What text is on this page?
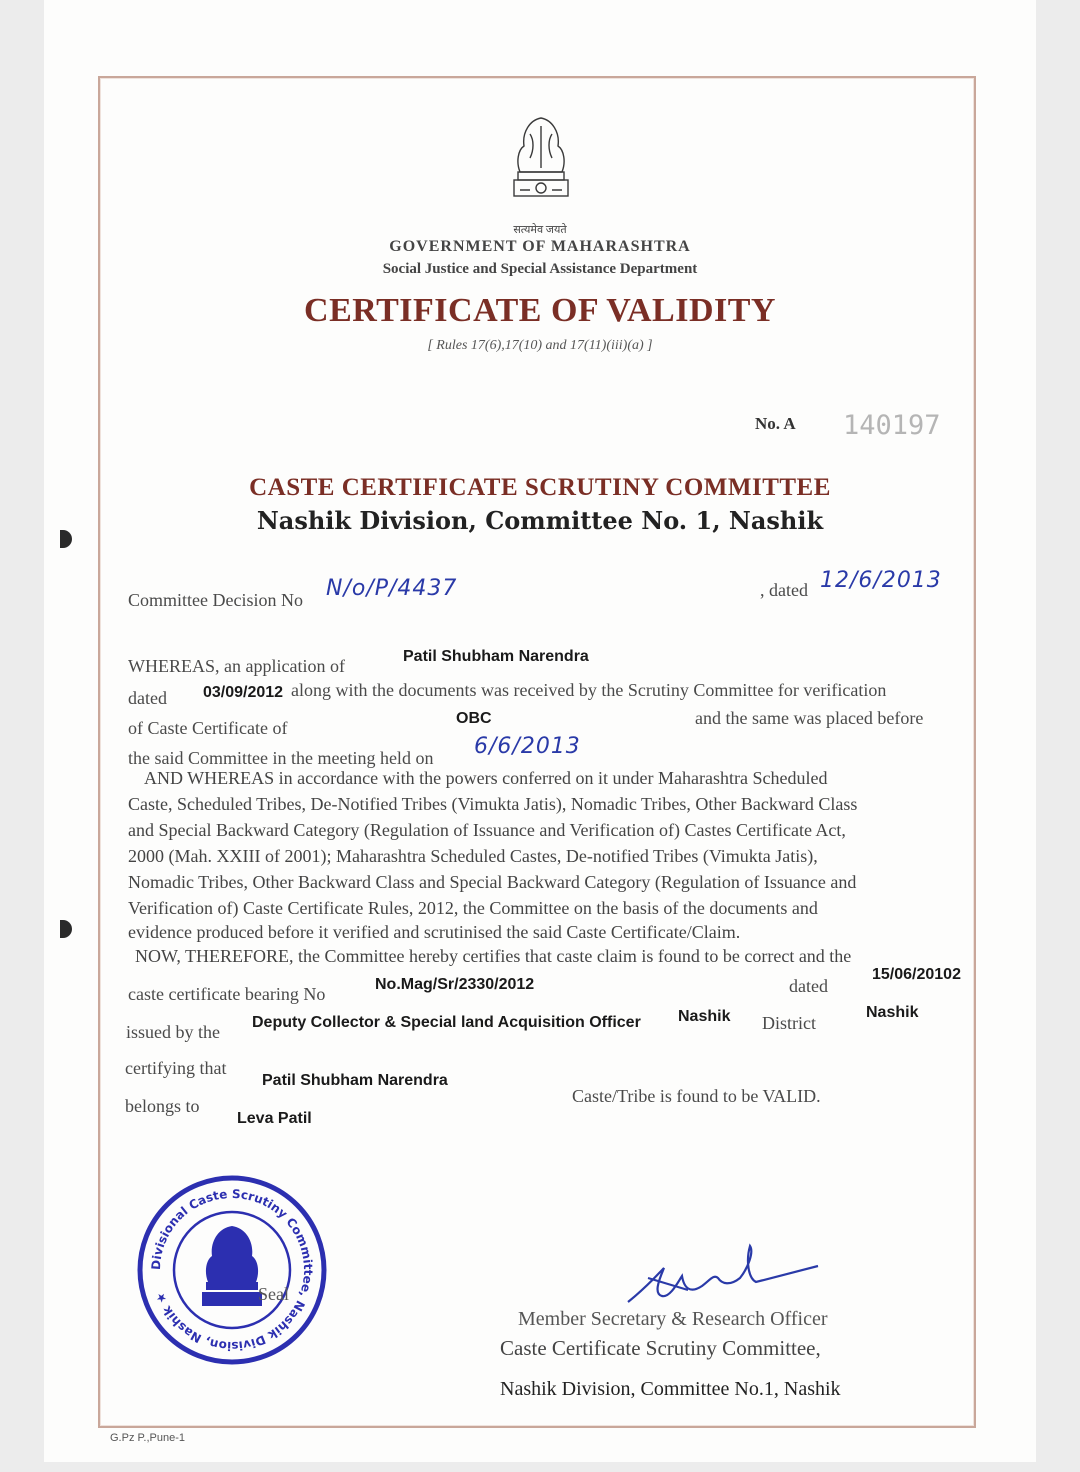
सत्यमेव जयते
GOVERNMENT OF MAHARASHTRA
Social Justice and Special Assistance Department
CERTIFICATE OF VALIDITY
[ Rules 17(6),17(10) and 17(11)(iii)(a) ]
No. A 140197
CASTE CERTIFICATE SCRUTINY COMMITTEE
Nashik Division, Committee No. 1, Nashik
Committee Decision No N/o/P/4437	, dated 12/6/2013
WHEREAS, an application of	Patil Shubham Narendra
dated 03/09/2012 along with the documents was received by the Scrutiny Committee for verification
of Caste Certificate of	OBC	and the same was placed before
the said Committee in the meeting held on 6/6/2013
AND WHEREAS in accordance with the powers conferred on it under Maharashtra Scheduled
Caste, Scheduled Tribes, De-Notified Tribes (Vimukta Jatis), Nomadic Tribes, Other Backward Class
and Special Backward Category (Regulation of Issuance and Verification of) Castes Certificate Act,
2000 (Mah. XXIII of 2001); Maharashtra Scheduled Castes, De-notified Tribes (Vimukta Jatis),
Nomadic Tribes, Other Backward Class and Special Backward Category (Regulation of Issuance and
Verification of) Caste Certificate Rules, 2012, the Committee on the basis of the documents and
evidence produced before it verified and scrutinised the said Caste Certificate/Claim.
NOW, THEREFORE, the Committee hereby certifies that caste claim is found to be correct and the
caste certificate bearing No	No.Mag/Sr/2330/2012	dated
15/06/20102
issued by the Deputy Collector & Special land Acquisition Officer Nashik District
Nashik
certifying that
Patil Shubham Narendra
belongs to
Leva Patil
Caste/Tribe is found to be VALID.
Divisional Caste Scrutiny Committee, Nashik Division, Nashik ★	Seal
Member Secretary & Research Officer
Caste Certificate Scrutiny Committee,
Nashik Division, Committee No.1, Nashik
G.Pz P.,Pune-1
